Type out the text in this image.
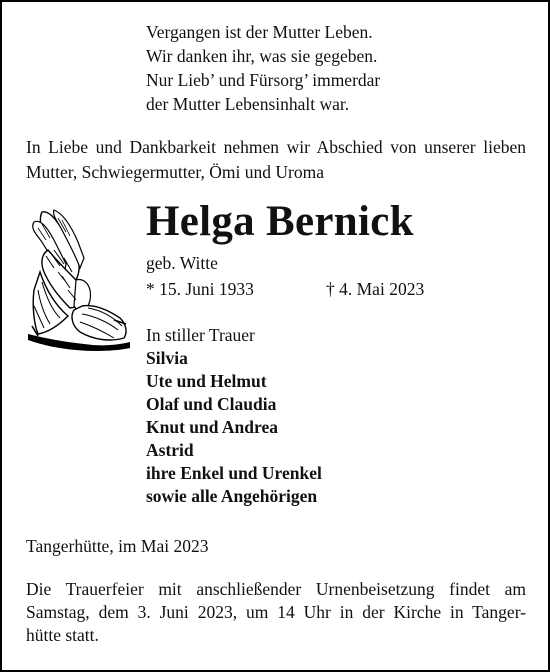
Vergangen ist der Mutter Leben.
Wir danken ihr, was sie gegeben.
Nur Lieb’ und Fürsorg’ immerdar
der Mutter Lebensinhalt war.
In Liebe und Dankbarkeit nehmen wir Abschied von unserer lieben Mutter, Schwiegermutter, Ömi und Uroma
Helga Bernick
geb. Witte
* 15. Juni 1933	† 4. Mai 2023
In stiller Trauer
Silvia
Ute und Helmut
Olaf und Claudia
Knut und Andrea
Astrid
ihre Enkel und Urenkel
sowie alle Angehörigen
Tangerhütte, im Mai 2023
Die Trauerfeier mit anschließender Urnenbeisetzung findet am
Samstag, dem 3. Juni 2023, um 14 Uhr in der Kirche in Tanger-
hütte statt.
